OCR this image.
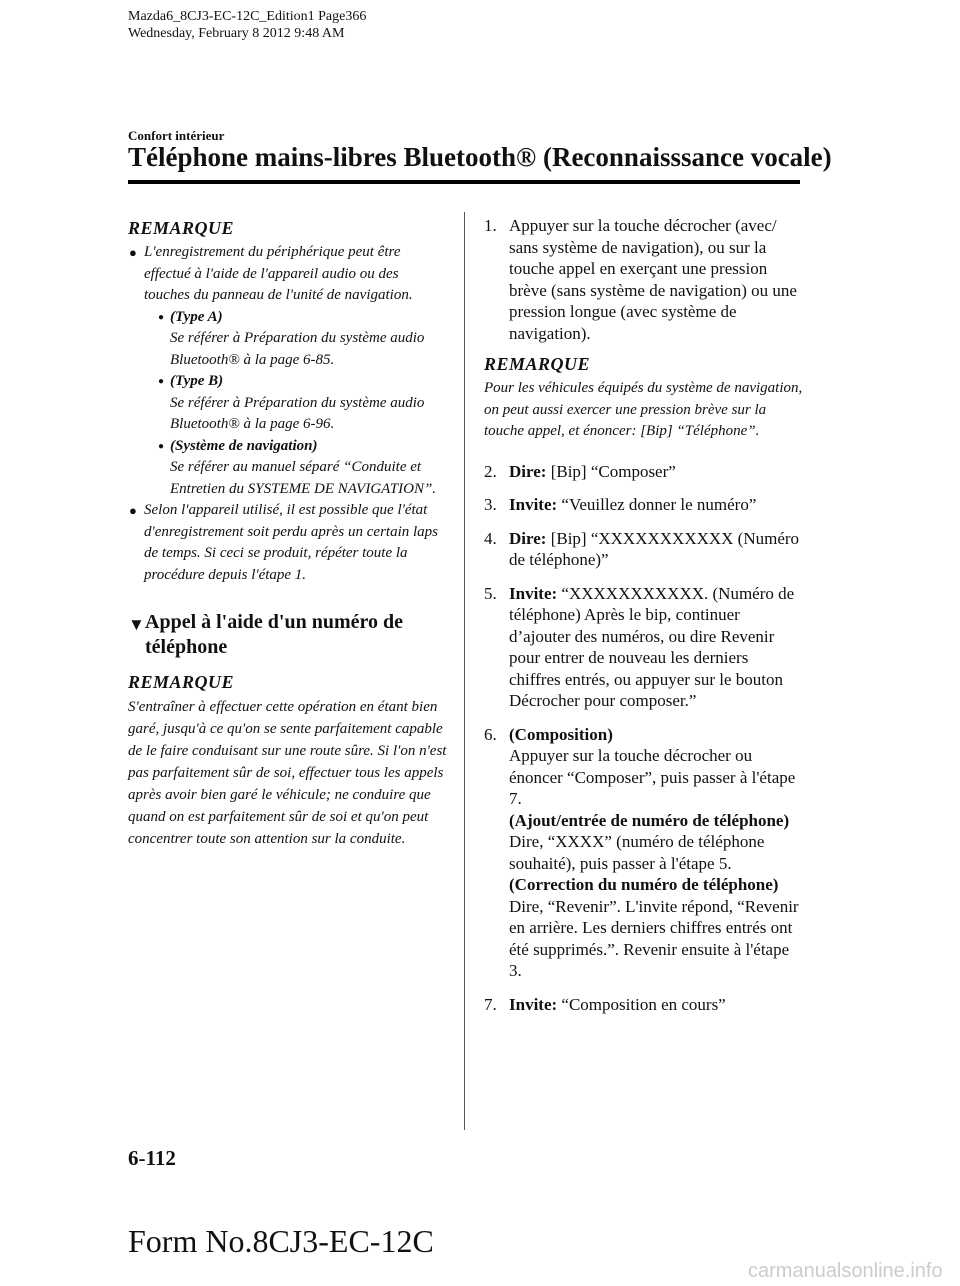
Mazda6_8CJ3-EC-12C_Edition1 Page366
Wednesday, February 8 2012 9:48 AM
Confort intérieur
Téléphone mains-libres Bluetooth® (Reconnaisssance vocale)
REMARQUE
● L'enregistrement du périphérique peut être effectué à l'aide de l'appareil audio ou des touches du panneau de l'unité de navigation.
● (Type A)
Se référer à Préparation du système audio Bluetooth® à la page 6-85.
● (Type B)
Se référer à Préparation du système audio Bluetooth® à la page 6-96.
● (Système de navigation)
Se référer au manuel séparé “Conduite et Entretien du SYSTEME DE NAVIGATION”.
● Selon l'appareil utilisé, il est possible que l'état d'enregistrement soit perdu après un certain laps de temps. Si ceci se produit, répéter toute la procédure depuis l'étape 1.
▼ Appel à l'aide d'un numéro de téléphone
REMARQUE
S'entraîner à effectuer cette opération en étant bien garé, jusqu'à ce qu'on se sente parfaitement capable de le faire conduisant sur une route sûre. Si l'on n'est pas parfaitement sûr de soi, effectuer tous les appels après avoir bien garé le véhicule; ne conduire que quand on est parfaitement sûr de soi et qu'on peut concentrer toute son attention sur la conduite.
1. Appuyer sur la touche décrocher (avec/ sans système de navigation), ou sur la touche appel en exerçant une pression brève (sans système de navigation) ou une pression longue (avec système de navigation).
REMARQUE
Pour les véhicules équipés du système de navigation, on peut aussi exercer une pression brève sur la touche appel, et énoncer: [Bip] “Téléphone”.
2. Dire: [Bip] “Composer”
3. Invite: “Veuillez donner le numéro”
4. Dire: [Bip] “XXXXXXXXXXX (Numéro de téléphone)”
5. Invite: “XXXXXXXXXXX. (Numéro de téléphone) Après le bip, continuer d’ajouter des numéros, ou dire Revenir pour entrer de nouveau les derniers chiffres entrés, ou appuyer sur le bouton Décrocher pour composer.”
6. (Composition)
Appuyer sur la touche décrocher ou énoncer “Composer”, puis passer à l'étape 7.
(Ajout/entrée de numéro de téléphone)
Dire, “XXXX” (numéro de téléphone souhaité), puis passer à l'étape 5.
(Correction du numéro de téléphone)
Dire, “Revenir”. L'invite répond, “Revenir en arrière. Les derniers chiffres entrés ont été supprimés.”. Revenir ensuite à l'étape 3.
7. Invite: “Composition en cours”
6-112
Form No.8CJ3-EC-12C
carmanualsonline.info
